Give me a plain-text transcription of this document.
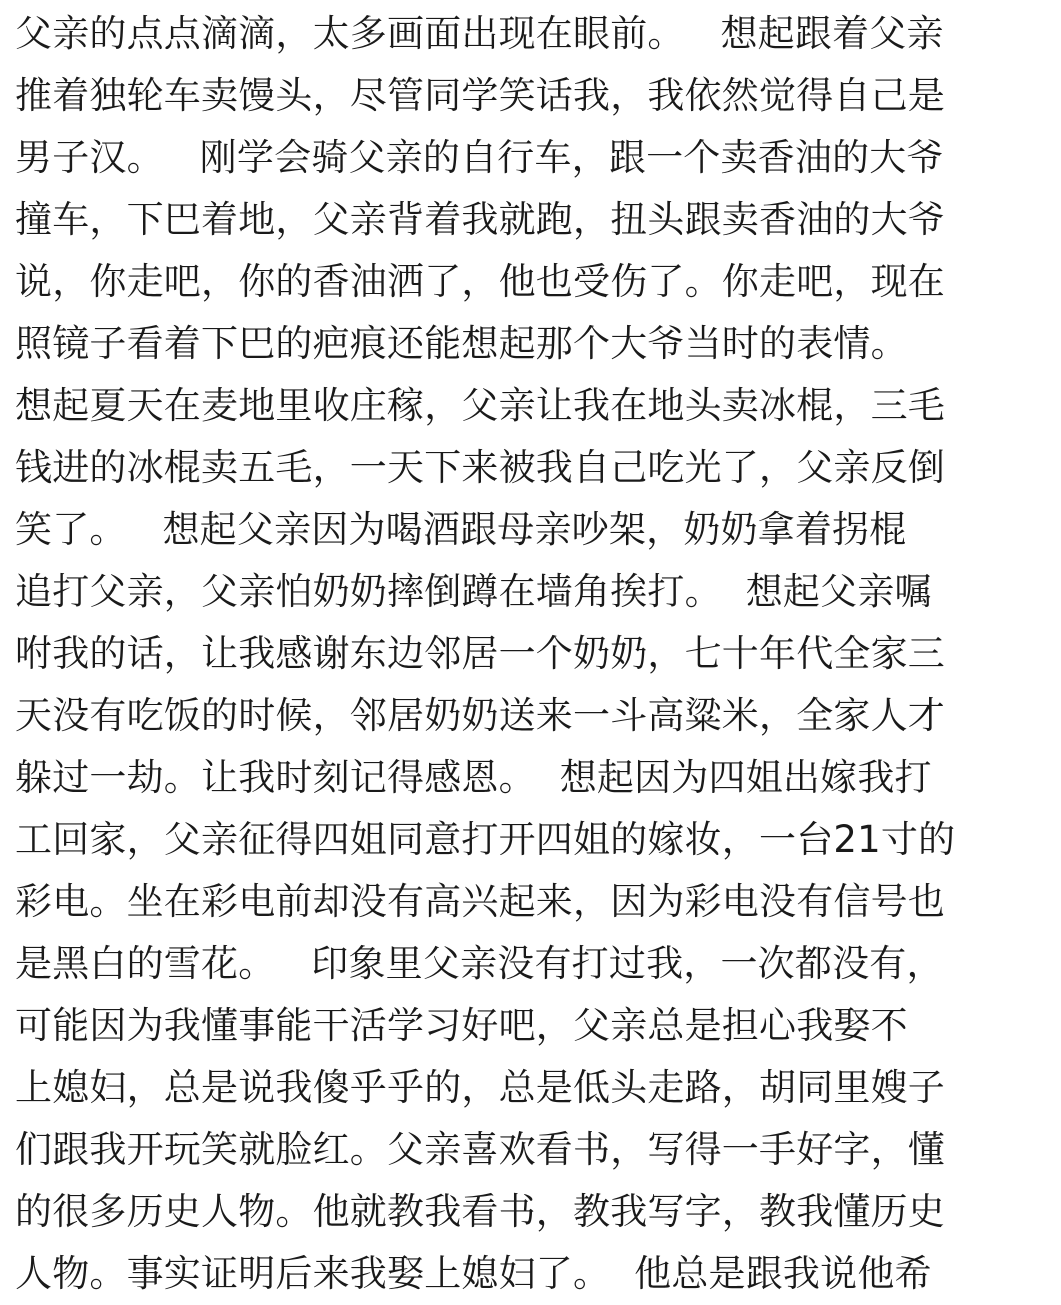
父亲的点点滴滴，太多画面出现在眼前。   想起跟着父亲
推着独轮车卖馒头，尽管同学笑话我，我依然觉得自己是
男子汉。   刚学会骑父亲的自行车，跟一个卖香油的大爷
撞车，下巴着地，父亲背着我就跑，扭头跟卖香油的大爷
说，你走吧，你的香油洒了，他也受伤了。你走吧，现在
照镜子看着下巴的疤痕还能想起那个大爷当时的表情。
想起夏天在麦地里收庄稼，父亲让我在地头卖冰棍，三毛
钱进的冰棍卖五毛，一天下来被我自己吃光了，父亲反倒
笑了。   想起父亲因为喝酒跟母亲吵架，奶奶拿着拐棍
追打父亲，父亲怕奶奶摔倒蹲在墙角挨打。  想起父亲嘱
咐我的话，让我感谢东边邻居一个奶奶，七十年代全家三
天没有吃饭的时候，邻居奶奶送来一斗高粱米，全家人才
躲过一劫。让我时刻记得感恩。  想起因为四姐出嫁我打
工回家，父亲征得四姐同意打开四姐的嫁妆，一台21寸的
彩电。坐在彩电前却没有高兴起来，因为彩电没有信号也
是黑白的雪花。   印象里父亲没有打过我，一次都没有，
可能因为我懂事能干活学习好吧，父亲总是担心我娶不
上媳妇，总是说我傻乎乎的，总是低头走路，胡同里嫂子
们跟我开玩笑就脸红。父亲喜欢看书，写得一手好字，懂
的很多历史人物。他就教我看书，教我写字，教我懂历史
人物。事实证明后来我娶上媳妇了。  他总是跟我说他希
